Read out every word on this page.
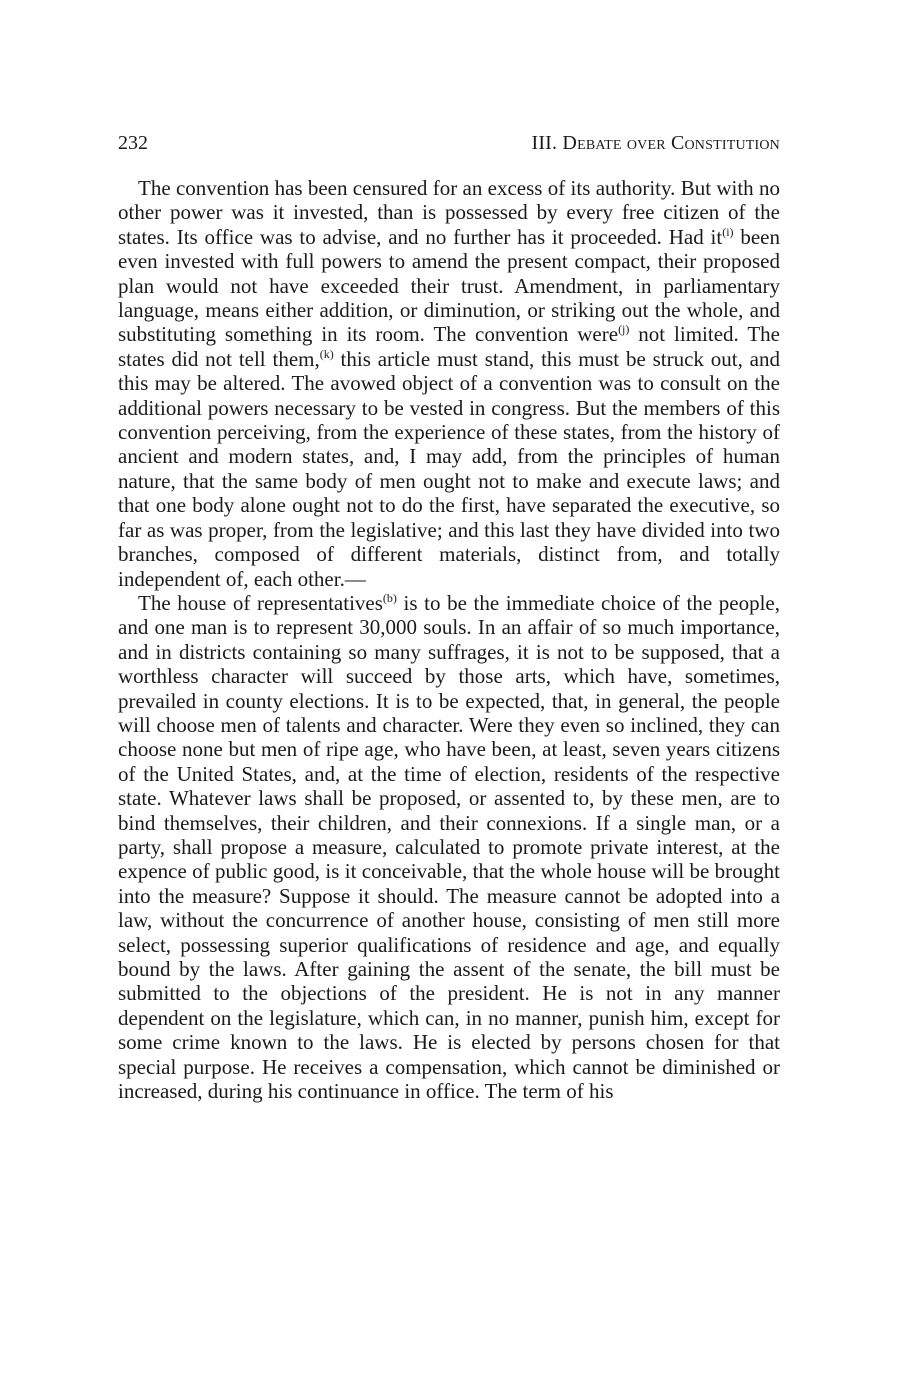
232	III. Debate over Constitution

The convention has been censured for an excess of its authority. But with no other power was it invested, than is possessed by every free citizen of the states. Its office was to advise, and no further has it proceeded. Had it$^{(i)}$ been even invested with full powers to amend the present compact, their proposed plan would not have exceeded their trust. Amendment, in parliamentary language, means either addition, or diminution, or striking out the whole, and substituting something in its room. The convention were$^{(j)}$ not limited. The states did not tell them,$^{(k)}$ this article must stand, this must be struck out, and this may be altered. The avowed object of a convention was to consult on the additional powers necessary to be vested in congress. But the members of this convention perceiving, from the experience of these states, from the history of ancient and modern states, and, I may add, from the principles of human nature, that the same body of men ought not to make and execute laws; and that one body alone ought not to do the first, have separated the executive, so far as was proper, from the legislative; and this last they have divided into two branches, composed of different materials, distinct from, and totally independent of, each other.—

The house of representatives$^{(b)}$ is to be the immediate choice of the people, and one man is to represent 30,000 souls. In an affair of so much importance, and in districts containing so many suffrages, it is not to be supposed, that a worthless character will succeed by those arts, which have, sometimes, prevailed in county elections. It is to be expected, that, in general, the people will choose men of talents and character. Were they even so inclined, they can choose none but men of ripe age, who have been, at least, seven years citizens of the United States, and, at the time of election, residents of the respective state. Whatever laws shall be proposed, or assented to, by these men, are to bind themselves, their children, and their connexions. If a single man, or a party, shall propose a measure, calculated to promote private interest, at the expence of public good, is it conceivable, that the whole house will be brought into the measure? Suppose it should. The measure cannot be adopted into a law, without the concurrence of another house, consisting of men still more select, possessing superior qualifications of residence and age, and equally bound by the laws. After gaining the assent of the senate, the bill must be submitted to the objections of the president. He is not in any manner dependent on the legislature, which can, in no manner, punish him, except for some crime known to the laws. He is elected by persons chosen for that special purpose. He receives a compensation, which cannot be diminished or increased, during his continuance in office. The term of his
